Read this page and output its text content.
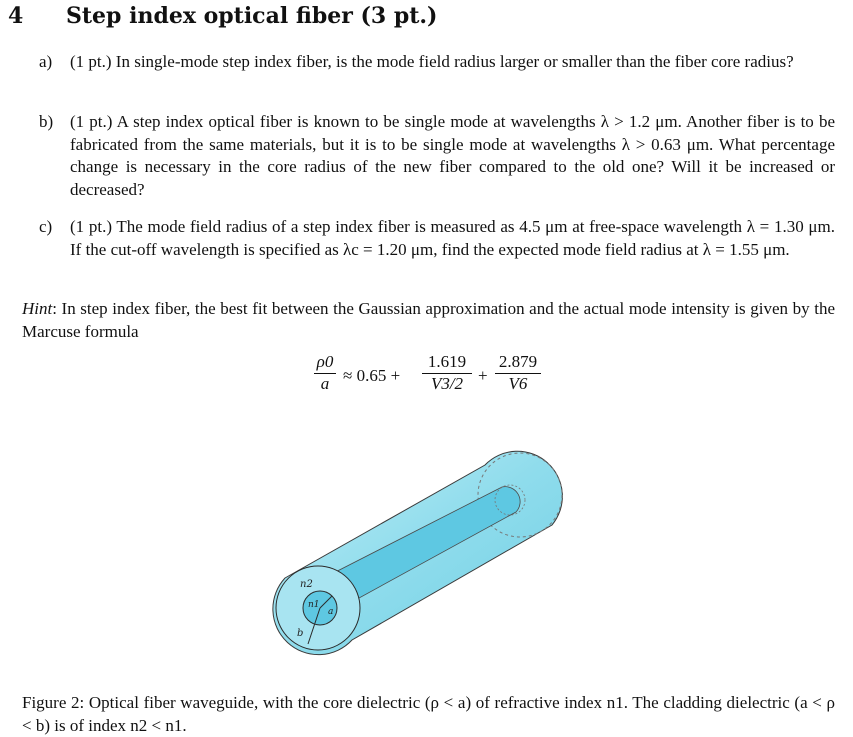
4 Step index optical fiber (3 pt.)
a) (1 pt.) In single-mode step index fiber, is the mode field radius larger or smaller than the fiber core radius?
b) (1 pt.) A step index optical fiber is known to be single mode at wavelengths λ > 1.2 μm. Another fiber is to be fabricated from the same materials, but it is to be single mode at wavelengths λ > 0.63 μm. What percentage change is necessary in the core radius of the new fiber compared to the old one? Will it be increased or decreased?
c) (1 pt.) The mode field radius of a step index fiber is measured as 4.5 μm at free-space wavelength λ = 1.30 μm. If the cut-off wavelength is specified as λc = 1.20 μm, find the expected mode field radius at λ = 1.55 μm.
Hint: In step index fiber, the best fit between the Gaussian approximation and the actual mode intensity is given by the Marcuse formula
ρ0
a ≈ 0.65 +
1.619
V3/2 +
2.879
V6
n2
n1
a
b
Figure 2: Optical fiber waveguide, with the core dielectric (ρ < a) of refractive index n1. The cladding dielectric (a < ρ < b) is of index n2 < n1.
